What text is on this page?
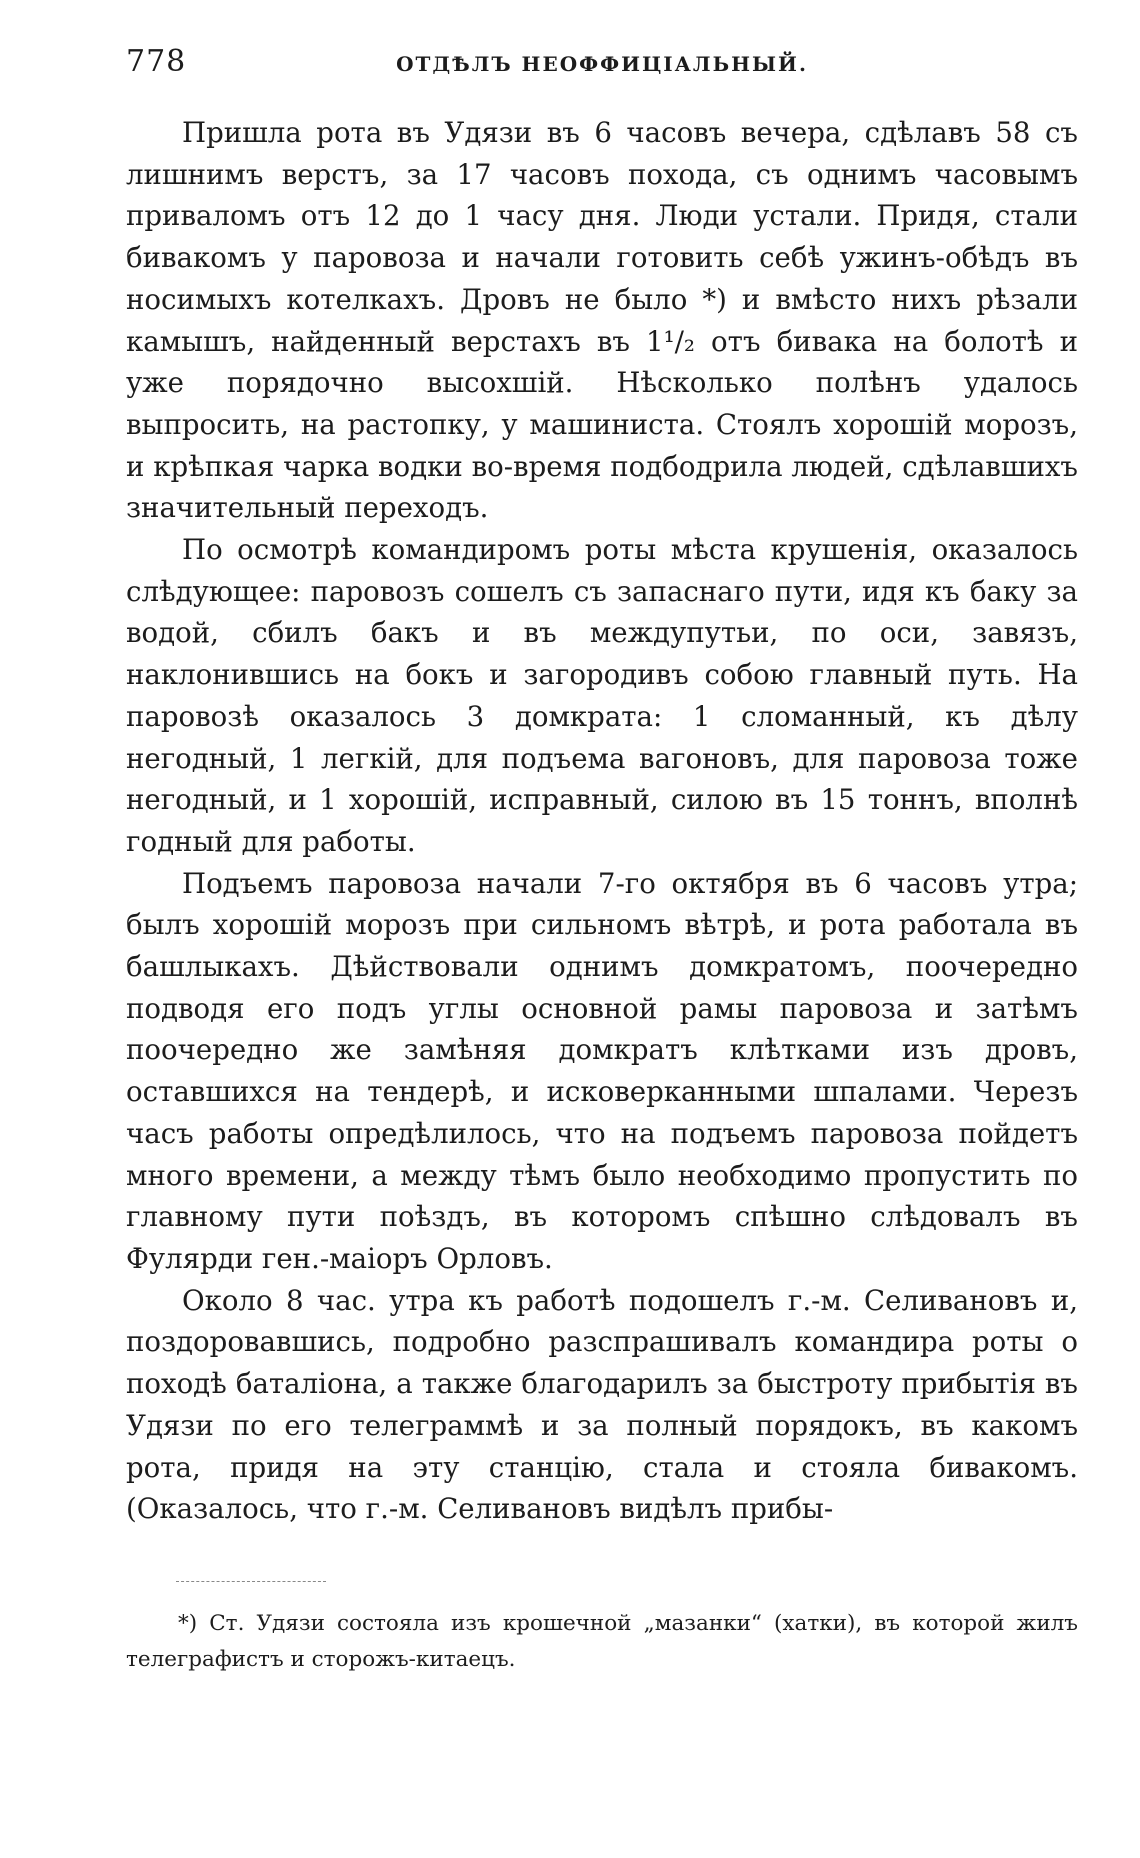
778	ОТДѢЛЪ НЕОФФИЦІАЛЬНЫЙ.

Пришла рота въ Удязи въ 6 часовъ вечера, сдѣлавъ 58 съ лишнимъ верстъ, за 17 часовъ похода, съ однимъ часовымъ приваломъ отъ 12 до 1 часу дня. Люди устали. Придя, стали бивакомъ у паровоза и начали готовить себѣ ужинъ-обѣдъ въ носимыхъ котелкахъ. Дровъ не было *) и вмѣсто нихъ рѣзали камышъ, найденный верстахъ въ 1¹/₂ отъ бивака на болотѣ и уже порядочно высохшій. Нѣсколько полѣнъ удалось выпросить, на растопку, у машиниста. Стоялъ хорошій морозъ, и крѣпкая чарка водки во-время подбодрила людей, сдѣлавшихъ значительный переходъ.

По осмотрѣ командиромъ роты мѣста крушенія, оказалось слѣдующее: паровозъ сошелъ съ запаснаго пути, идя къ баку за водой, сбилъ бакъ и въ междупутьи, по оси, завязъ, наклонившись на бокъ и загородивъ собою главный путь. На паровозѣ оказалось 3 домкрата: 1 сломанный, къ дѣлу негодный, 1 легкій, для подъема вагоновъ, для паровоза тоже негодный, и 1 хорошій, исправный, силою въ 15 тоннъ, вполнѣ годный для работы.

Подъемъ паровоза начали 7-го октября въ 6 часовъ утра; былъ хорошій морозъ при сильномъ вѣтрѣ, и рота работала въ башлыкахъ. Дѣйствовали однимъ домкратомъ, поочередно подводя его подъ углы основной рамы паровоза и затѣмъ поочередно же замѣняя домкратъ клѣтками изъ дровъ, оставшихся на тендерѣ, и исковерканными шпалами. Черезъ часъ работы опредѣлилось, что на подъемъ паровоза пойдетъ много времени, а между тѣмъ было необходимо пропустить по главному пути поѣздъ, въ которомъ спѣшно слѣдовалъ въ Фулярди ген.-маіоръ Орловъ.

Около 8 час. утра къ работѣ подошелъ г.-м. Селивановъ и, поздоровавшись, подробно разспрашивалъ командира роты о походѣ баталіона, а также благодарилъ за быстроту прибытія въ Удязи по его телеграммѣ и за полный порядокъ, въ какомъ рота, придя на эту станцію, стала и стояла бивакомъ. (Оказалось, что г.-м. Селивановъ видѣлъ прибы-

*) Ст. Удязи состояла изъ крошечной „мазанки“ (хатки), въ которой жилъ телеграфистъ и сторожъ-китаецъ.
